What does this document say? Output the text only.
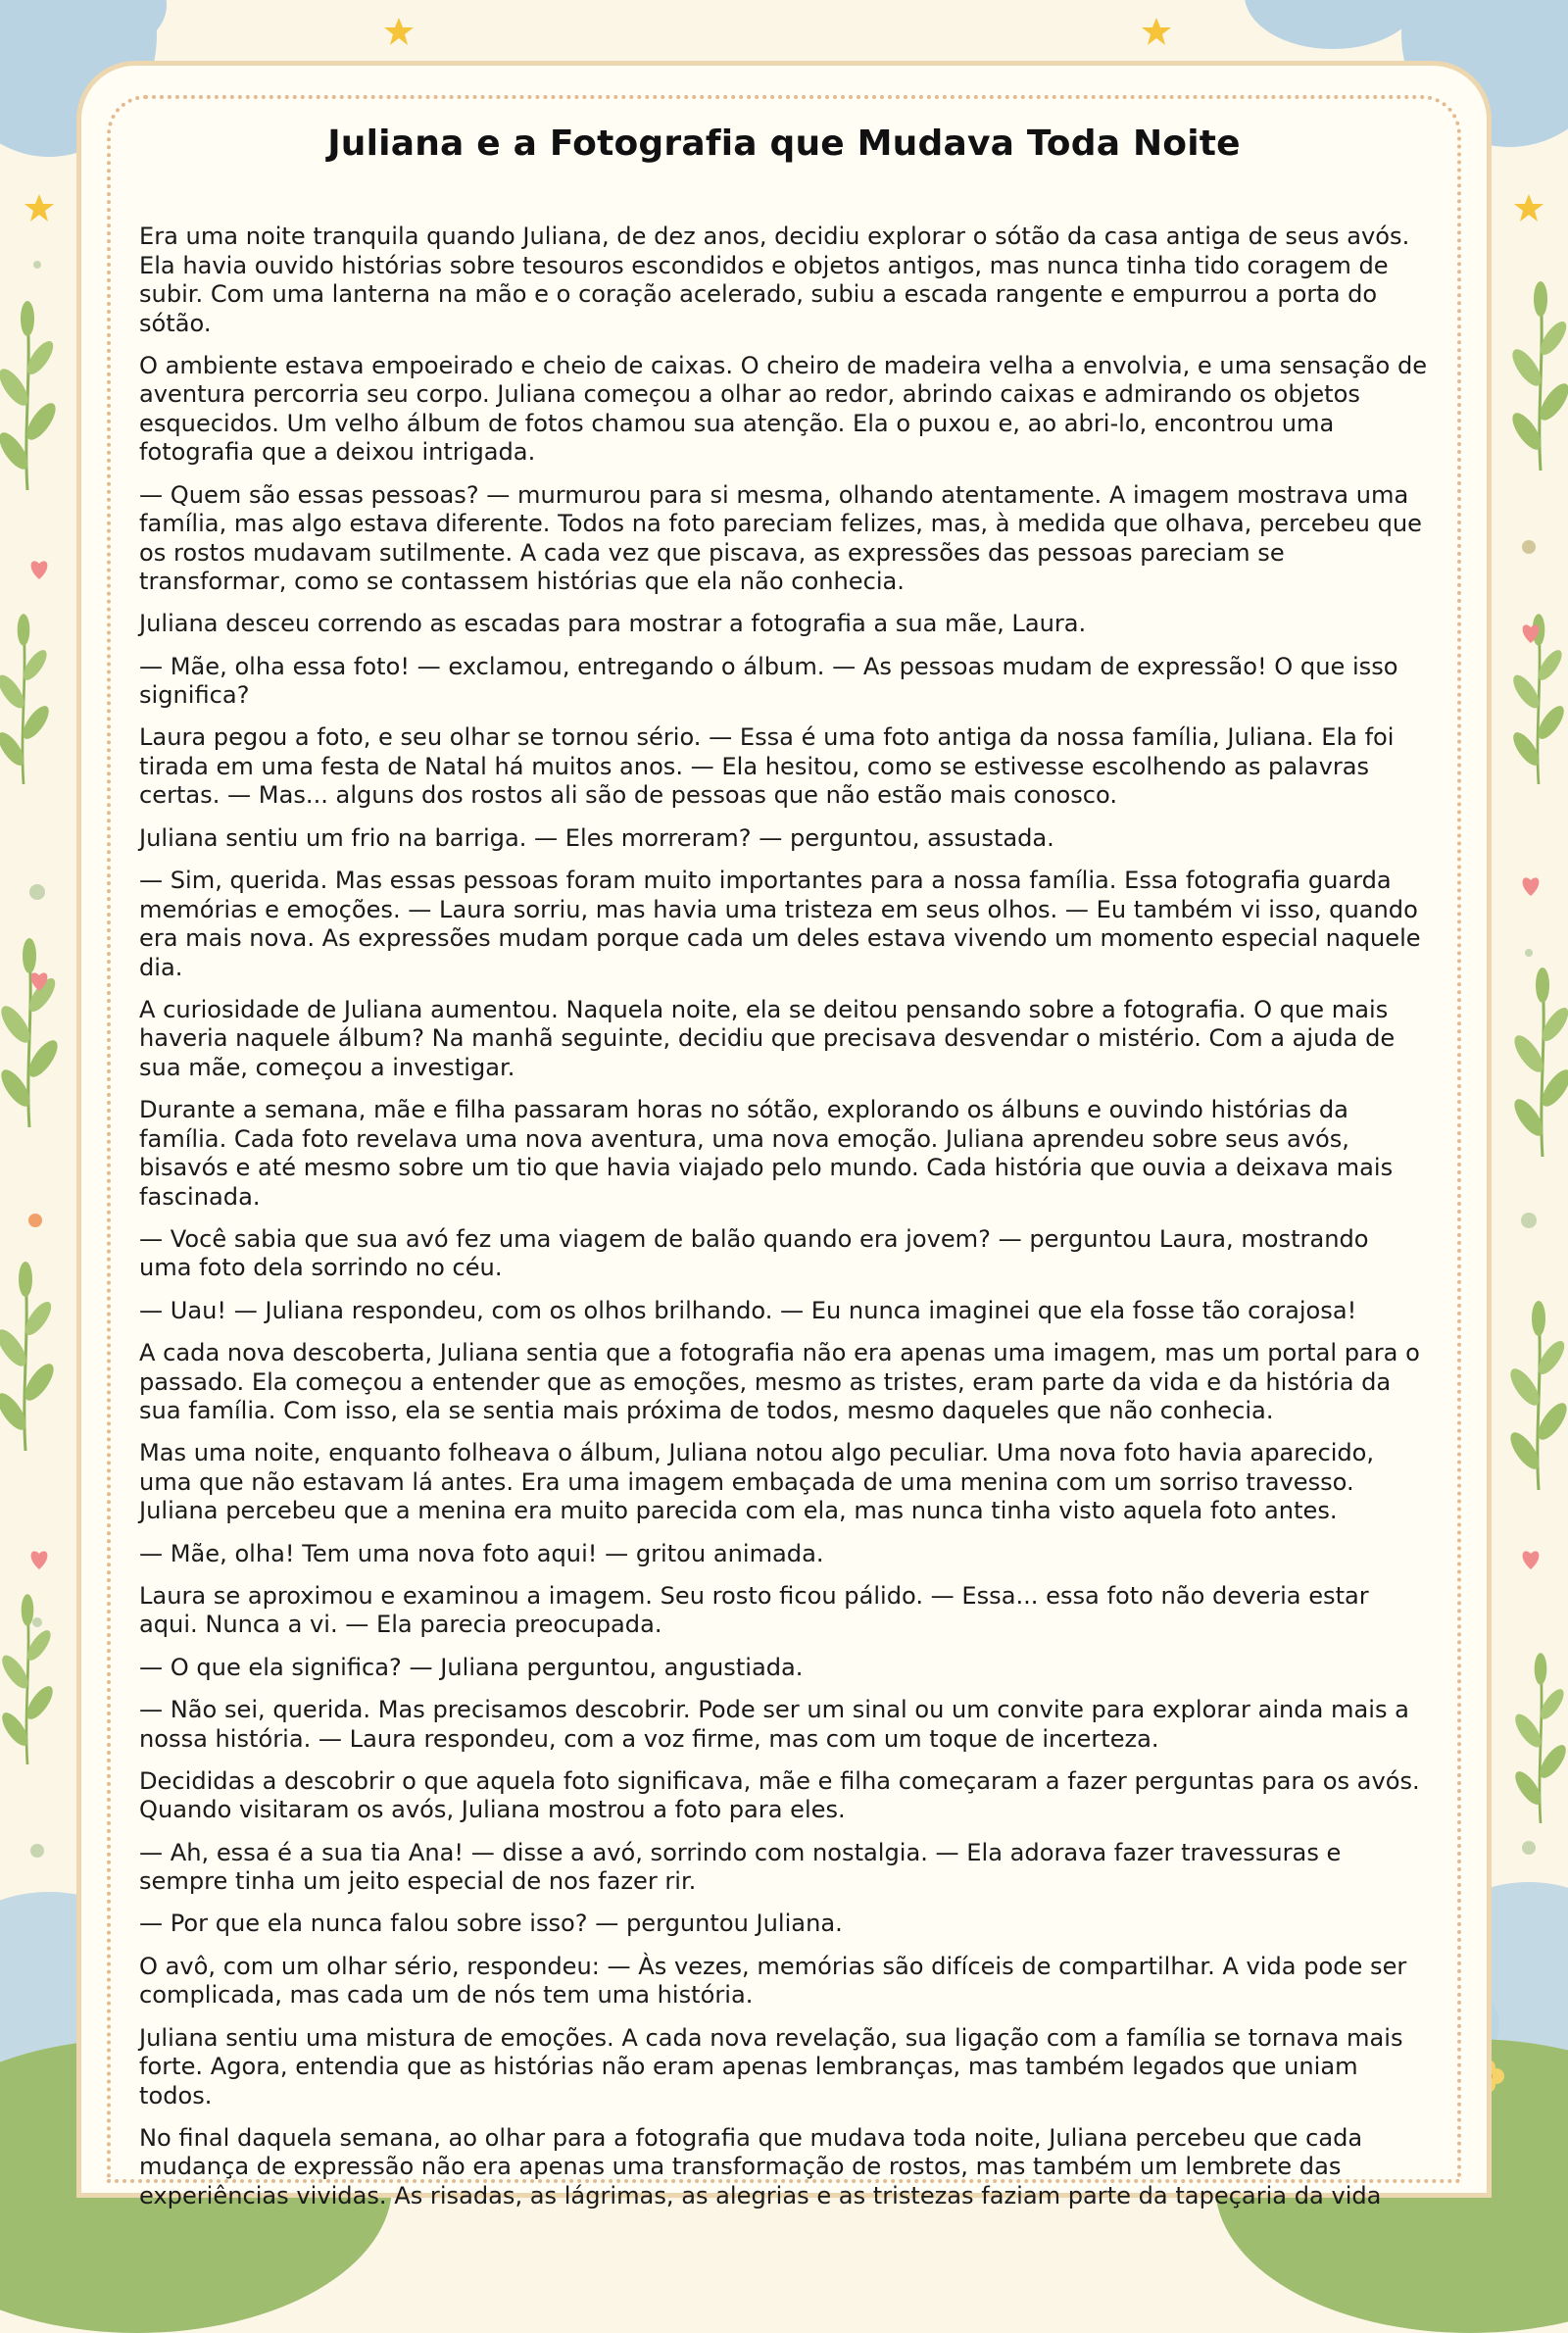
Juliana e a Fotografia que Mudava Toda Noite

Era uma noite tranquila quando Juliana, de dez anos, decidiu explorar o sótão da casa antiga de seus avós. Ela havia ouvido histórias sobre tesouros escondidos e objetos antigos, mas nunca tinha tido coragem de subir. Com uma lanterna na mão e o coração acelerado, subiu a escada rangente e empurrou a porta do sótão.

O ambiente estava empoeirado e cheio de caixas. O cheiro de madeira velha a envolvia, e uma sensação de aventura percorria seu corpo. Juliana começou a olhar ao redor, abrindo caixas e admirando os objetos esquecidos. Um velho álbum de fotos chamou sua atenção. Ela o puxou e, ao abri-lo, encontrou uma fotografia que a deixou intrigada.

— Quem são essas pessoas? — murmurou para si mesma, olhando atentamente. A imagem mostrava uma família, mas algo estava diferente. Todos na foto pareciam felizes, mas, à medida que olhava, percebeu que os rostos mudavam sutilmente. A cada vez que piscava, as expressões das pessoas pareciam se transformar, como se contassem histórias que ela não conhecia.

Juliana desceu correndo as escadas para mostrar a fotografia a sua mãe, Laura.

— Mãe, olha essa foto! — exclamou, entregando o álbum. — As pessoas mudam de expressão! O que isso significa?

Laura pegou a foto, e seu olhar se tornou sério. — Essa é uma foto antiga da nossa família, Juliana. Ela foi tirada em uma festa de Natal há muitos anos. — Ela hesitou, como se estivesse escolhendo as palavras certas. — Mas... alguns dos rostos ali são de pessoas que não estão mais conosco.

Juliana sentiu um frio na barriga. — Eles morreram? — perguntou, assustada.

— Sim, querida. Mas essas pessoas foram muito importantes para a nossa família. Essa fotografia guarda memórias e emoções. — Laura sorriu, mas havia uma tristeza em seus olhos. — Eu também vi isso, quando era mais nova. As expressões mudam porque cada um deles estava vivendo um momento especial naquele dia.

A curiosidade de Juliana aumentou. Naquela noite, ela se deitou pensando sobre a fotografia. O que mais haveria naquele álbum? Na manhã seguinte, decidiu que precisava desvendar o mistério. Com a ajuda de sua mãe, começou a investigar.

Durante a semana, mãe e filha passaram horas no sótão, explorando os álbuns e ouvindo histórias da família. Cada foto revelava uma nova aventura, uma nova emoção. Juliana aprendeu sobre seus avós, bisavós e até mesmo sobre um tio que havia viajado pelo mundo. Cada história que ouvia a deixava mais fascinada.

— Você sabia que sua avó fez uma viagem de balão quando era jovem? — perguntou Laura, mostrando uma foto dela sorrindo no céu.

— Uau! — Juliana respondeu, com os olhos brilhando. — Eu nunca imaginei que ela fosse tão corajosa!

A cada nova descoberta, Juliana sentia que a fotografia não era apenas uma imagem, mas um portal para o passado. Ela começou a entender que as emoções, mesmo as tristes, eram parte da vida e da história da sua família. Com isso, ela se sentia mais próxima de todos, mesmo daqueles que não conhecia.

Mas uma noite, enquanto folheava o álbum, Juliana notou algo peculiar. Uma nova foto havia aparecido, uma que não estavam lá antes. Era uma imagem embaçada de uma menina com um sorriso travesso. Juliana percebeu que a menina era muito parecida com ela, mas nunca tinha visto aquela foto antes.

— Mãe, olha! Tem uma nova foto aqui! — gritou animada.

Laura se aproximou e examinou a imagem. Seu rosto ficou pálido. — Essa... essa foto não deveria estar aqui. Nunca a vi. — Ela parecia preocupada.

— O que ela significa? — Juliana perguntou, angustiada.

— Não sei, querida. Mas precisamos descobrir. Pode ser um sinal ou um convite para explorar ainda mais a nossa história. — Laura respondeu, com a voz firme, mas com um toque de incerteza.

Decididas a descobrir o que aquela foto significava, mãe e filha começaram a fazer perguntas para os avós. Quando visitaram os avós, Juliana mostrou a foto para eles.

— Ah, essa é a sua tia Ana! — disse a avó, sorrindo com nostalgia. — Ela adorava fazer travessuras e sempre tinha um jeito especial de nos fazer rir.

— Por que ela nunca falou sobre isso? — perguntou Juliana.

O avô, com um olhar sério, respondeu: — Às vezes, memórias são difíceis de compartilhar. A vida pode ser complicada, mas cada um de nós tem uma história.

Juliana sentiu uma mistura de emoções. A cada nova revelação, sua ligação com a família se tornava mais forte. Agora, entendia que as histórias não eram apenas lembranças, mas também legados que uniam todos.

No final daquela semana, ao olhar para a fotografia que mudava toda noite, Juliana percebeu que cada mudança de expressão não era apenas uma transformação de rostos, mas também um lembrete das experiências vividas. As risadas, as lágrimas, as alegrias e as tristezas faziam parte da tapeçaria da vida
